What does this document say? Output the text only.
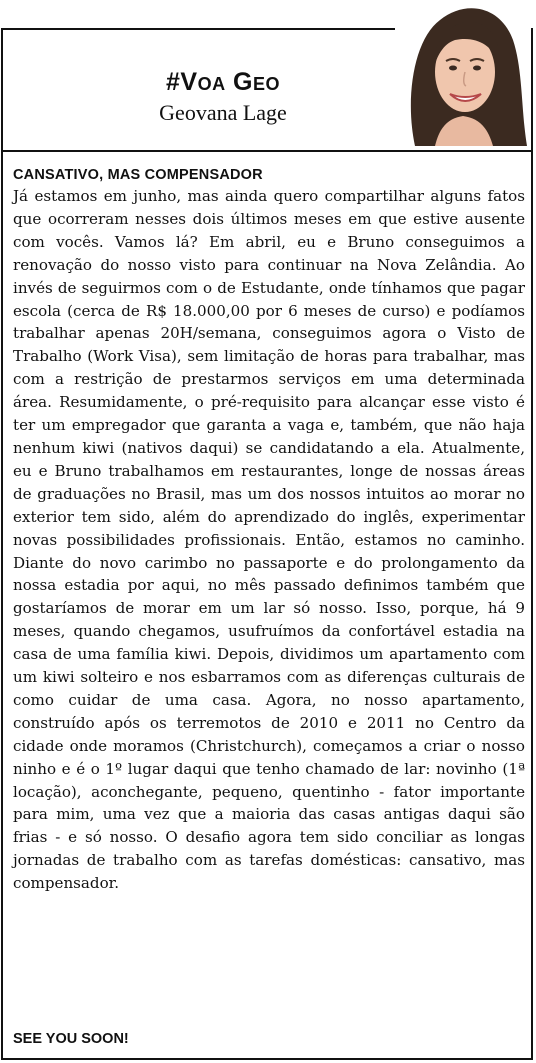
#Voa Geo
Geovana Lage
CANSATIVO, MAS COMPENSADOR

Já estamos em junho, mas ainda quero compartilhar alguns fatos que ocorreram nesses dois últimos meses em que estive ausente com vocês. Vamos lá? Em abril, eu e Bruno conseguimos a renovação do nosso visto para continuar na Nova Zelândia. Ao invés de seguirmos com o de Estudante, onde tínhamos que pagar escola (cerca de R$ 18.000,00 por 6 meses de curso) e podíamos trabalhar apenas 20H/semana, conseguimos agora o Visto de Trabalho (Work Visa), sem limitação de horas para trabalhar, mas com a restrição de prestarmos serviços em uma determinada área. Resumidamente, o pré-requisito para alcançar esse visto é ter um empregador que garanta a vaga e, também, que não haja nenhum kiwi (nativos daqui) se candidatando a ela. Atualmente, eu e Bruno trabalhamos em restaurantes, longe de nossas áreas de graduações no Brasil, mas um dos nossos intuitos ao morar no exterior tem sido, além do aprendizado do inglês, experimentar novas possibilidades profissionais. Então, estamos no caminho. Diante do novo carimbo no passaporte e do prolongamento da nossa estadia por aqui, no mês passado definimos também que gostaríamos de morar em um lar só nosso. Isso, porque, há 9 meses, quando chegamos, usufruímos da confortável estadia na casa de uma família kiwi. Depois, dividimos um apartamento com um kiwi solteiro e nos esbarramos com as diferenças culturais de como cuidar de uma casa. Agora, no nosso apartamento, construído após os terremotos de 2010 e 2011 no Centro da cidade onde moramos (Christchurch), começamos a criar o nosso ninho e é o 1º lugar daqui que tenho chamado de lar: novinho (1ª locação), aconchegante, pequeno, quentinho - fator importante para mim, uma vez que a maioria das casas antigas daqui são frias - e só nosso. O desafio agora tem sido conciliar as longas jornadas de trabalho com as tarefas domésticas: cansativo, mas compensador.

SEE YOU SOON!
